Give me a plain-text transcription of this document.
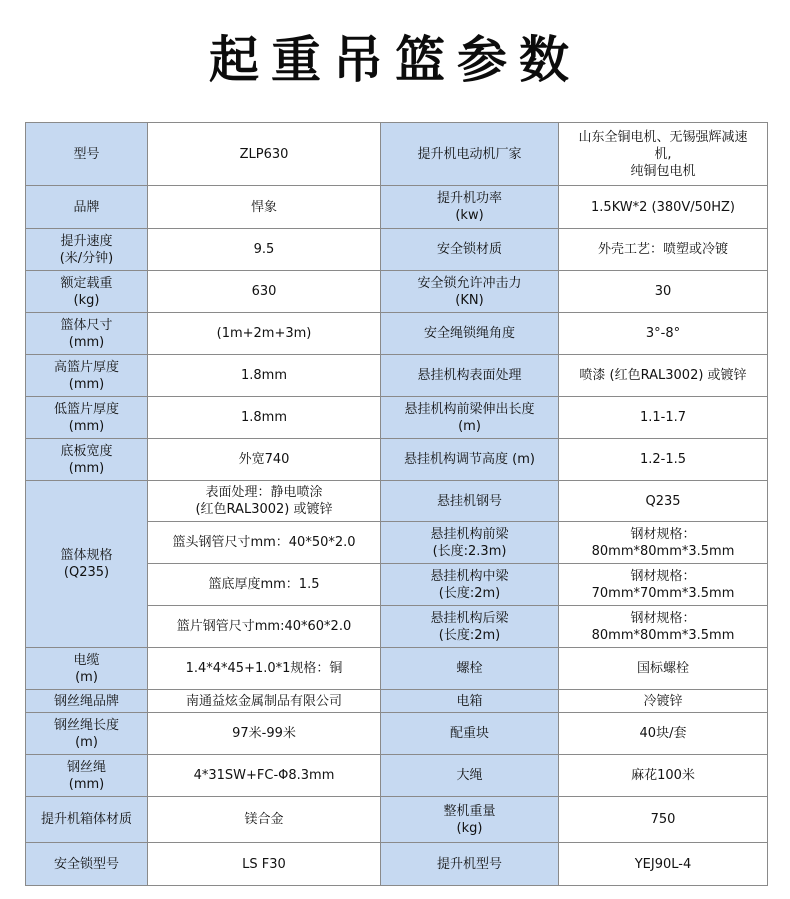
起重吊篮参数
型号	ZLP630	提升机电动机厂家	山东全铜电机、无锡强辉减速
机,
纯铜包电机
品牌	悍象	提升机功率
(kw)	1.5KW*2 (380V/50HZ)
提升速度
(米/分钟)	9.5	安全锁材质	外壳工艺：喷塑或冷镀
额定载重
(kg)	630	安全锁允许冲击力
(KN)	30
篮体尺寸
(mm)	(1m+2m+3m)	安全绳锁绳角度	3°-8°
高篮片厚度
(mm)	1.8mm	悬挂机构表面处理	喷漆 (红色RAL3002) 或镀锌
低篮片厚度
(mm)	1.8mm	悬挂机构前梁伸出长度
(m)	1.1-1.7
底板宽度
(mm)	外宽740	悬挂机构调节高度 (m)	1.2-1.5
篮体规格
(Q235)	表面处理：静电喷涂
(红色RAL3002) 或镀锌	悬挂机钢号	Q235
	篮头钢管尺寸mm：40*50*2.0	悬挂机构前梁
(长度:2.3m)	钢材规格：80mm*80mm*3.5mm
	篮底厚度mm：1.5	悬挂机构中梁
(长度:2m)	钢材规格：70mm*70mm*3.5mm
	篮片钢管尺寸mm:40*60*2.0	悬挂机构后梁
(长度:2m)	钢材规格：80mm*80mm*3.5mm
电缆
(m)	1.4*4*45+1.0*1规格：铜	螺栓	国标螺栓
钢丝绳品牌	南通益炫金属制品有限公司	电箱	冷镀锌
钢丝绳长度
(m)	97米-99米	配重块	40块/套
钢丝绳
(mm)	4*31SW+FC-Φ8.3mm	大绳	麻花100米
提升机箱体材质	镁合金	整机重量
(kg)	750
安全锁型号	LS F30	提升机型号	YEJ90L-4
